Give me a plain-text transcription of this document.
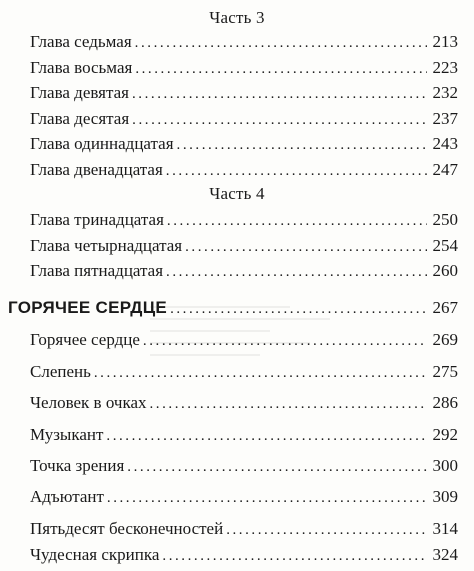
Часть 3
Глава седьмая . . .	213
Глава восьмая . . .	223
Глава девятая . . .	232
Глава десятая . . .	237
Глава одиннадцатая . . .	243
Глава двенадцатая . . .	247
Часть 4
Глава тринадцатая . . .	250
Глава четырнадцатая . . .	254
Глава пятнадцатая . . .	260
ГОРЯЧЕЕ СЕРДЦЕ . . .	267
Горячее сердце . . .	269
Слепень . . .	275
Человек в очках . . .	286
Музыкант . . .	292
Точка зрения . . .	300
Адъютант . . .	309
Пятьдесят бесконечностей . . .	314
Чудесная скрипка . . .	324
